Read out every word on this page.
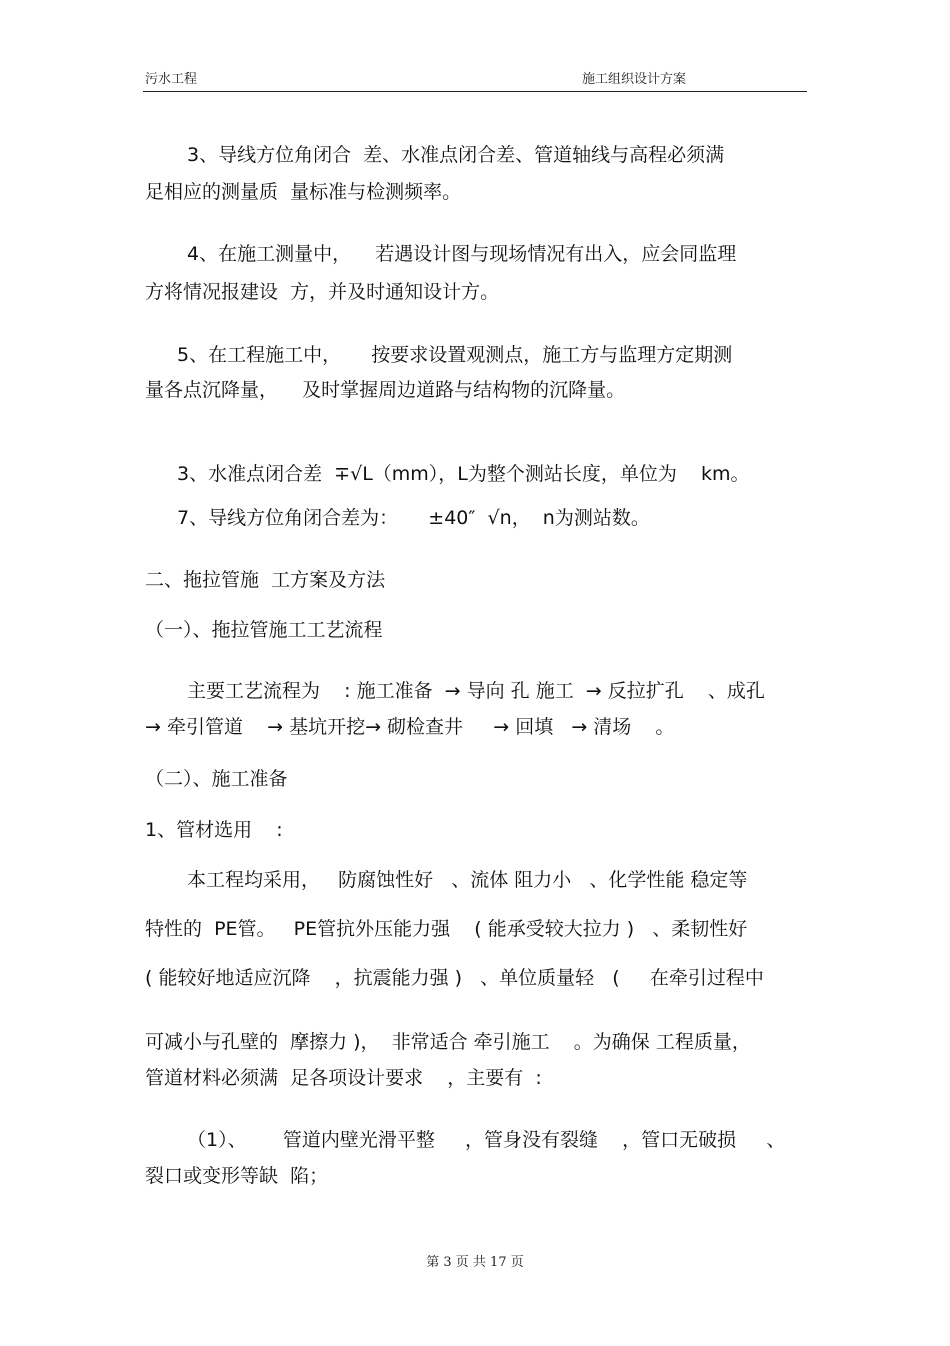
污水工程	施工组织设计方案
3、导线方位角闭合  差、水准点闭合差、管道轴线与高程必须满
足相应的测量质  量标准与检测频率。
4、在施工测量中，    若遇设计图与现场情况有出入，应会同监理
方将情况报建设  方，并及时通知设计方。
5、在工程施工中，     按要求设置观测点，施工方与监理方定期测
量各点沉降量，    及时掌握周边道路与结构物的沉降量。
3、水准点闭合差  ∓√L（mm），L为整个测站长度，单位为    km。
7、导线方位角闭合差为：     ±40″  √n，  n为测站数。
二、拖拉管施  工方案及方法
（一）、拖拉管施工工艺流程
主要工艺流程为    : 施工准备  → 导向 孔 施工  → 反拉扩孔    、成孔
→ 牵引管道    → 基坑开挖→ 砌检查井     → 回填   → 清场    。
（二）、施工准备
1、管材选用    :
本工程均采用，   防腐蚀性好   、流体 阻力小   、化学性能 稳定等
特性的  PE管。   PE管抗外压能力强    ( 能承受较大拉力 )   、柔韧性好
( 能较好地适应沉降    ，抗震能力强 )   、单位质量轻   (     在牵引过程中
可减小与孔壁的  摩擦力 )，  非常适合 牵引施工    。为确保 工程质量，
管道材料必须满  足各项设计要求    ，主要有  :
（1）、      管道内壁光滑平整     ，管身没有裂缝    ，管口无破损     、
裂口或变形等缺  陷；
第 3 页 共 17 页
